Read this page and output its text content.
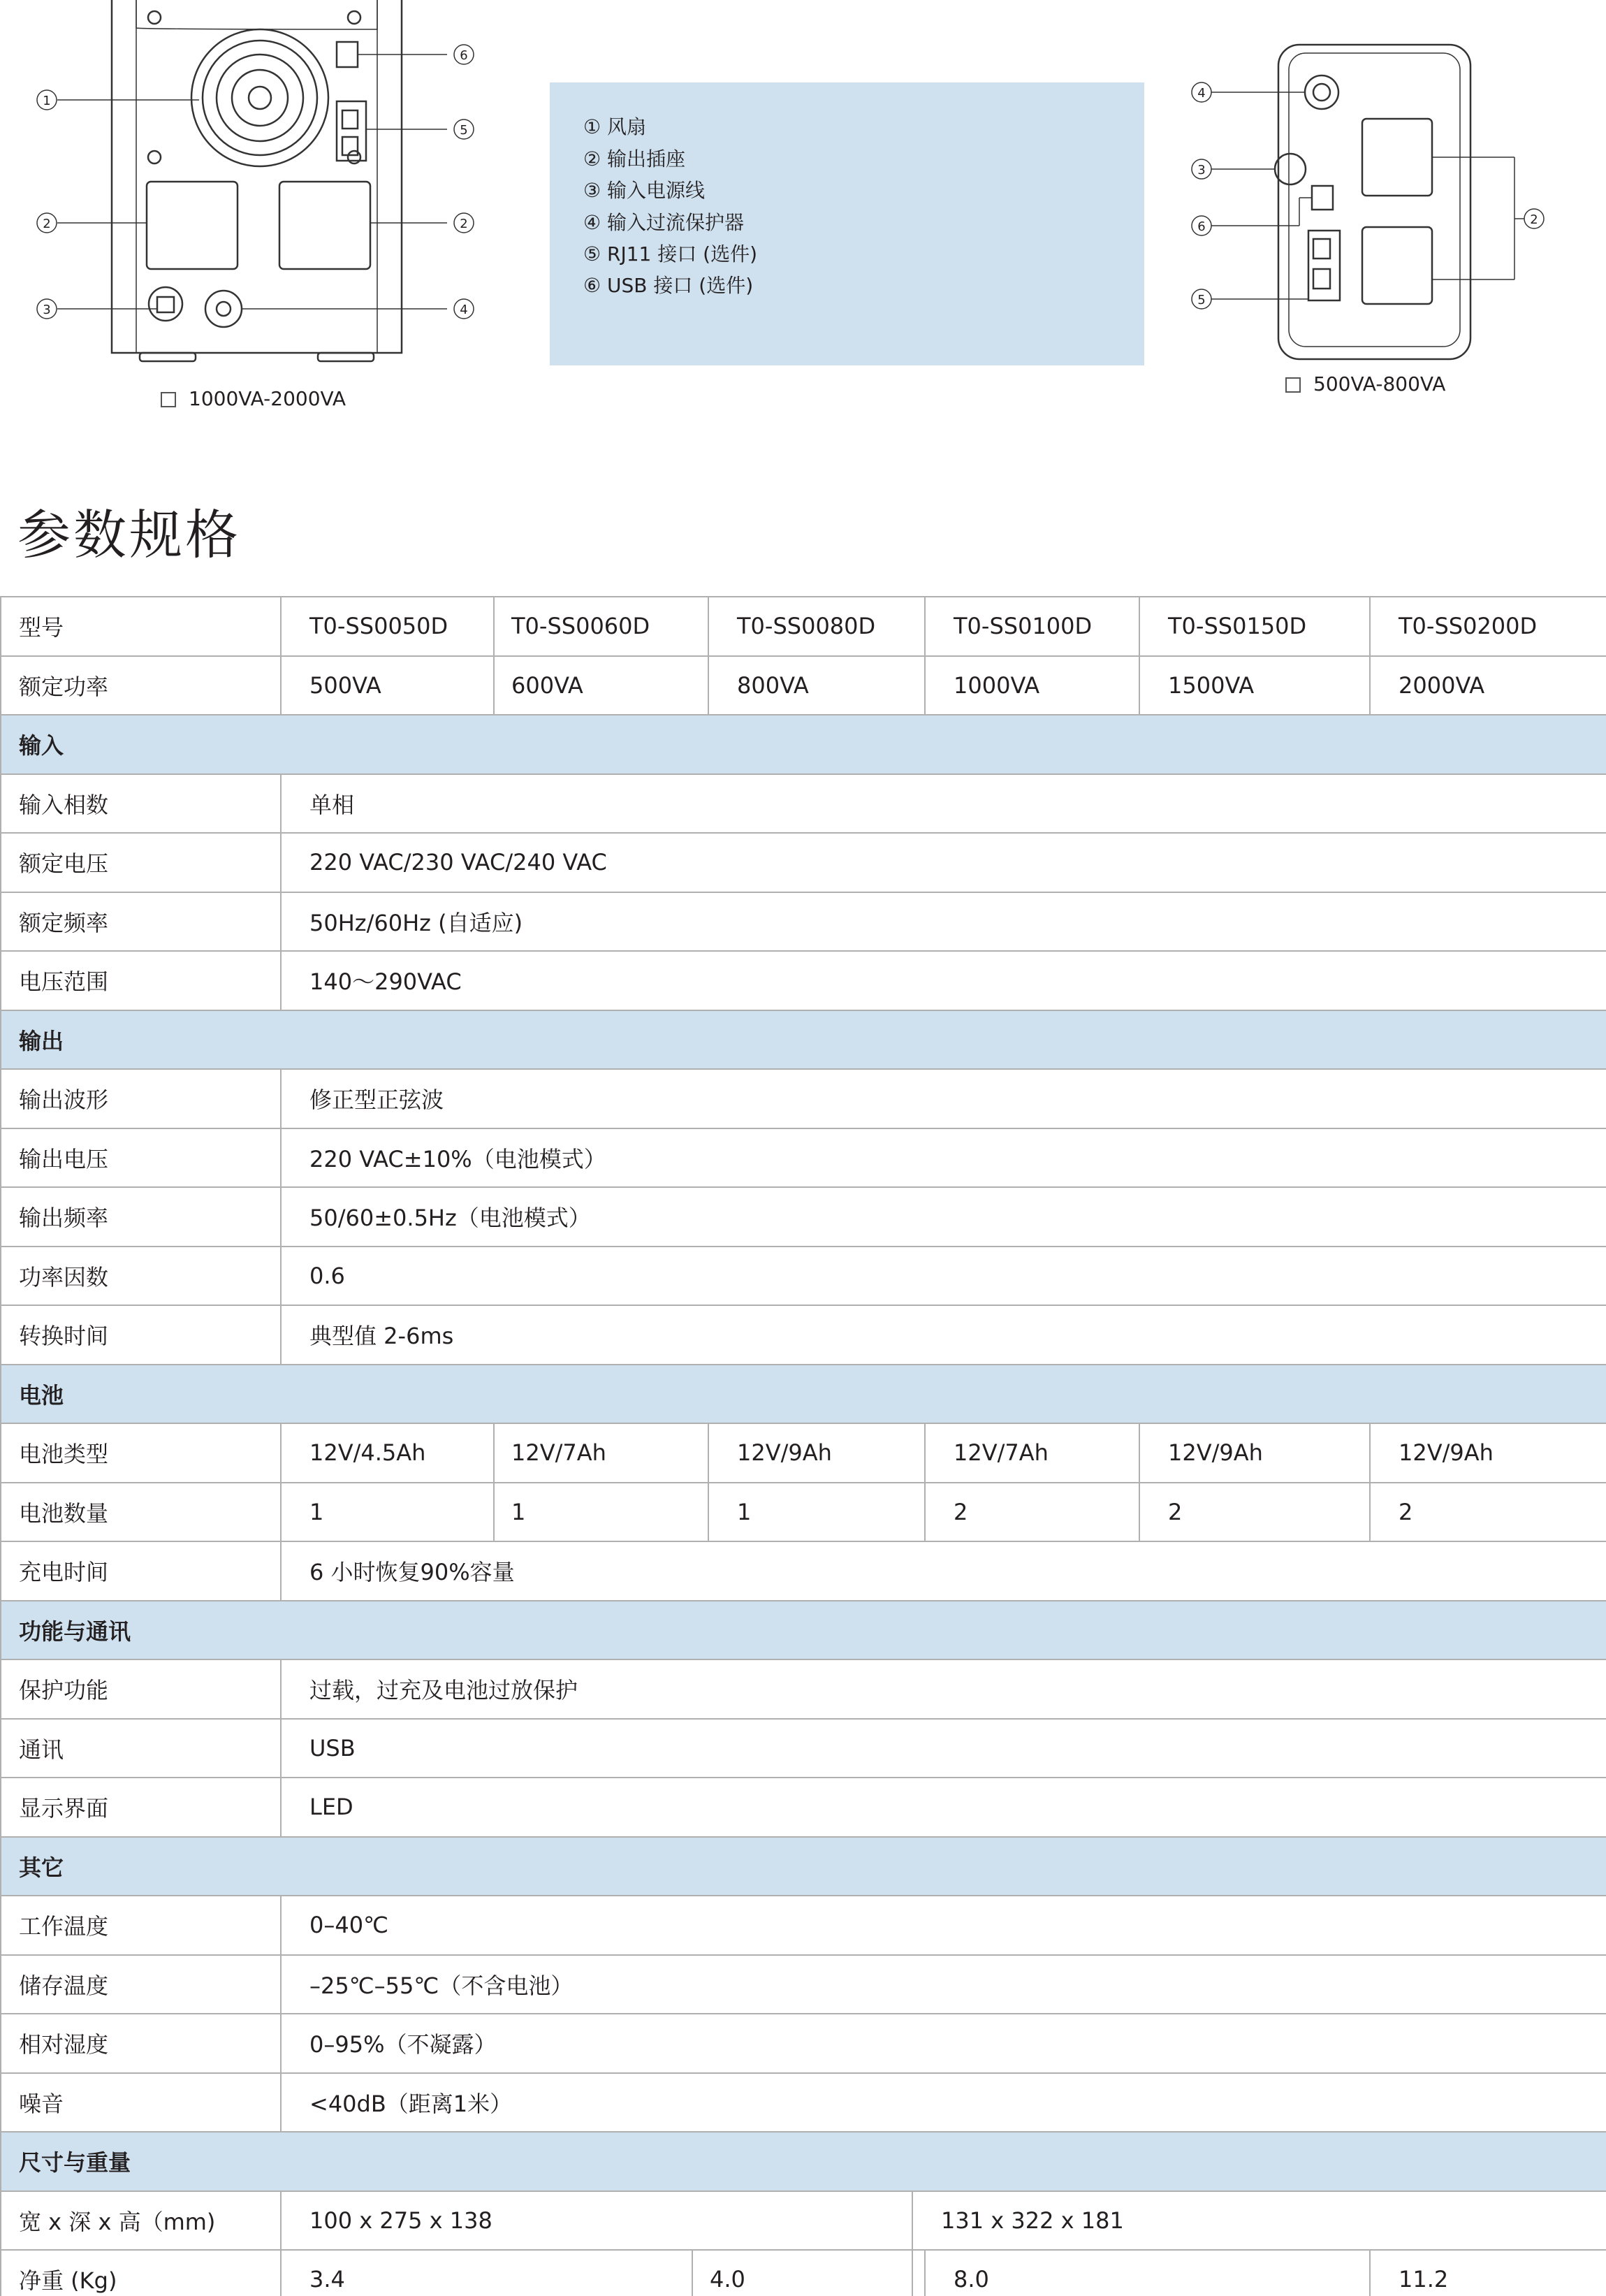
1
6
5
2	2
3	4
1000VA-2000VA
① 风扇
② 输出插座
③ 输入电源线
④ 输入过流保护器
⑤ RJ11 接口 (选件)
⑥ USB 接口 (选件)
4
3
6
5
2
500VA-800VA
参数规格
型号	T0-SS0050D	T0-SS0060D		T0-SS0080D		T0-SS0100D	T0-SS0150D	T0-SS0200D	
额定功率	500VA	600VA		800VA		1000VA	1500VA	2000VA	
输入									
输入相数	单相								
额定电压	220 VAC/230 VAC/240 VAC								
额定频率	50Hz/60Hz (自适应)								
电压范围	140～290VAC								
输出									
输出波形	修正型正弦波								
输出电压	220 VAC±10%（电池模式）								
输出频率	50/60±0.5Hz（电池模式）								
功率因数	0.6								
转换时间	典型值 2-6ms								
电池									
电池类型	12V/4.5Ah	12V/7Ah		12V/9Ah		12V/7Ah	12V/9Ah	12V/9Ah	
电池数量	1	1		1		2	2	2	
充电时间	6 小时恢复90%容量								
功能与通讯									
保护功能	过载，过充及电池过放保护								
通讯	USB								
显示界面	LED								
其它									
工作温度	0–40℃								
储存温度	–25℃–55℃（不含电池）								
相对湿度	0–95%（不凝露）								
噪音	<40dB（距离1米）								
尺寸与重量									
宽 x 深 x 高（mm)	100 x 275 x 138				131 x 322 x 181				
净重 (Kg)	3.4		4.0			8.0		11.2	
